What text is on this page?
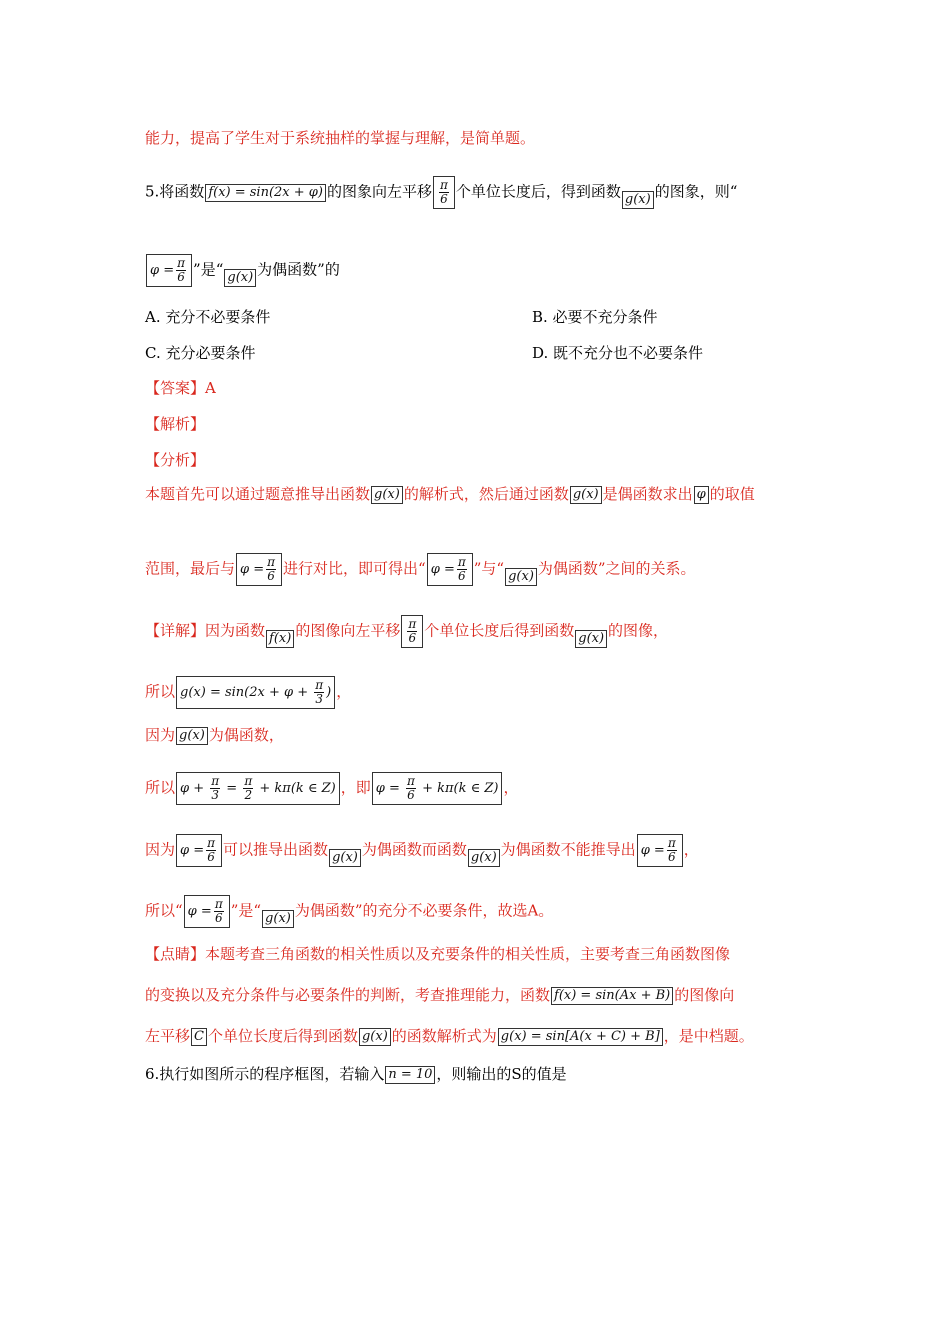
能力，提高了学生对于系统抽样的掌握与理解，是简单题。
5.将函数 f(x) = sin(2x + φ) 的图象向左平移 $\frac{\pi}{6}$ 个单位长度后，得到函数 g(x) 的图象，则“
$\varphi = \frac{\pi}{6}$ ”是“ g(x) 为偶函数”的
A. 充分不必要条件	B. 必要不充分条件
C. 充分必要条件	D. 既不充分也不必要条件
【答案】A
【解析】
【分析】
本题首先可以通过题意推导出函数 g(x) 的解析式，然后通过函数 g(x) 是偶函数求出 φ 的取值
范围，最后与 $\varphi = \frac{\pi}{6}$ 进行对比，即可得出“ $\varphi = \frac{\pi}{6}$ ”与“ g(x) 为偶函数”之间的关系。
【详解】因为函数 f(x) 的图像向左平移 $\frac{\pi}{6}$ 个单位长度后得到函数 g(x) 的图像，
所以 $g(x) = \sin(2x + \varphi + \frac{\pi}{3}$ ) ，
因为 g(x) 为偶函数，
所以 $\varphi + \frac{\pi}{3} = \frac{\pi}{2} + k\pi(k$ ∈ Z) ，即 $\varphi = \frac{\pi}{6} + k\pi(k$ ∈ Z) ，
因为 $\varphi = \frac{\pi}{6}$ 可以推导出函数 g(x) 为偶函数而函数 g(x) 为偶函数不能推导出 $\varphi = \frac{\pi}{6}$ ，
所以“ $\varphi = \frac{\pi}{6}$ ”是“ g(x) 为偶函数”的充分不必要条件，故选A。
【点睛】本题考查三角函数的相关性质以及充要条件的相关性质，主要考查三角函数图像
的变换以及充分条件与必要条件的判断，考查推理能力，函数 f(x) = sin(Ax + B) 的图像向
左平移 C 个单位长度后得到函数 g(x) 的函数解析式为 g(x) = sin[A(x + C) + B] ，是中档题。
6.执行如图所示的程序框图，若输入 n = 10 ，则输出的S的值是
